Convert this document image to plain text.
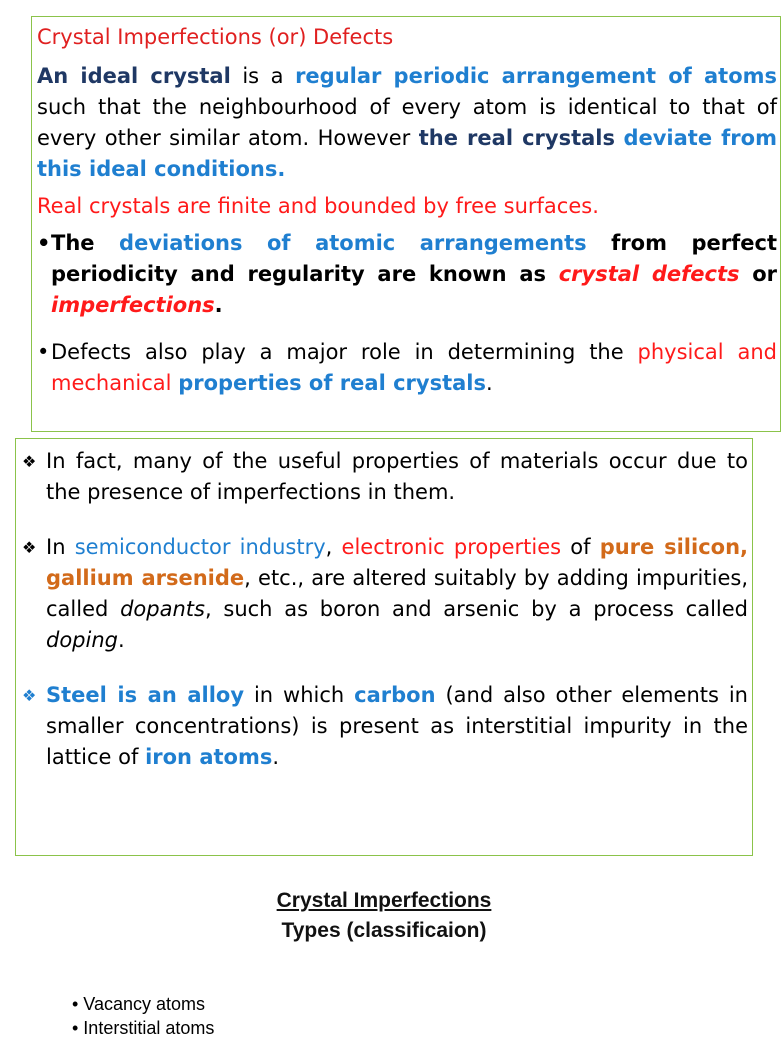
Crystal Imperfections (or) Defects

An ideal crystal is a regular periodic arrangement of atoms such that the neighbourhood of every atom is identical to that of every other similar atom. However the real crystals deviate from this ideal conditions.

Real crystals are finite and bounded by free surfaces.

• The deviations of atomic arrangements from perfect periodicity and regularity are known as crystal defects or imperfections.
• Defects also play a major role in determining the physical and mechanical properties of real crystals.
❖ In fact, many of the useful properties of materials occur due to the presence of imperfections in them.
❖ In semiconductor industry, electronic properties of pure silicon, gallium arsenide, etc., are altered suitably by adding impurities, called dopants, such as boron and arsenic by a process called doping.
❖ Steel is an alloy in which carbon (and also other elements in smaller concentrations) is present as interstitial impurity in the lattice of iron atoms.
Crystal Imperfections
Types (classificaion)
• Vacancy atoms
• Interstitial atoms
